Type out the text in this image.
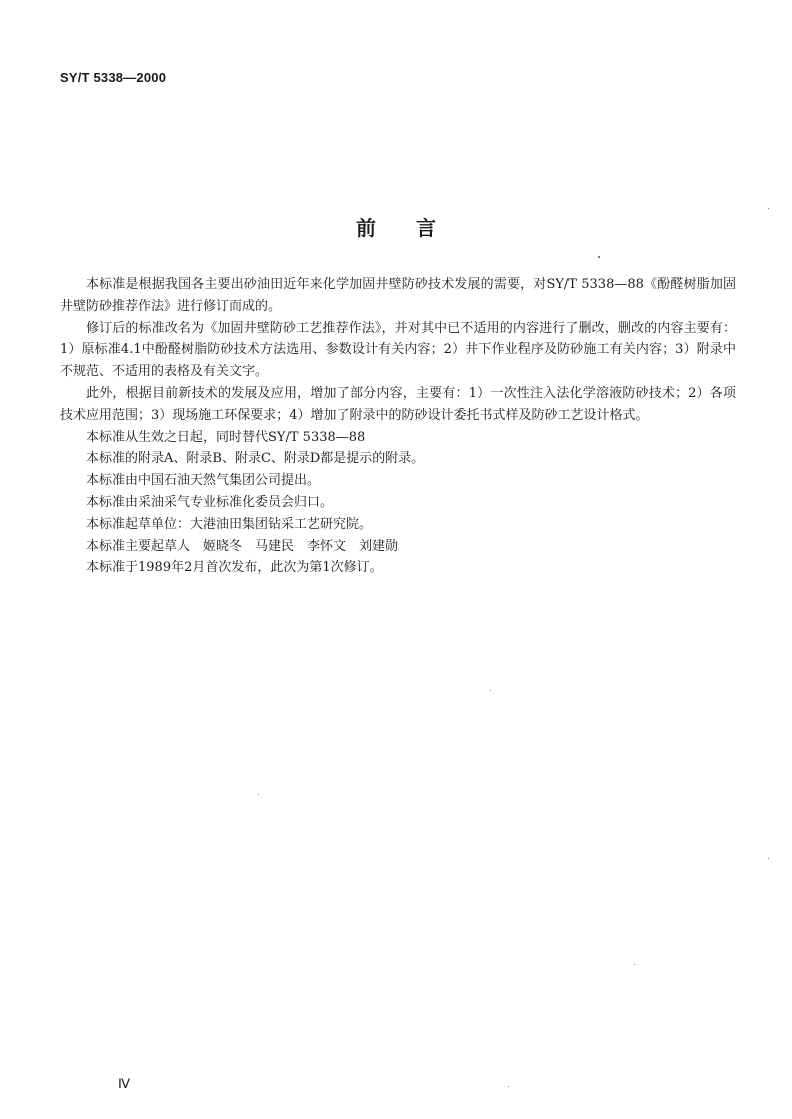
SY/T 5338—2000
前 言

本标准是根据我国各主要出砂油田近年来化学加固井壁防砂技术发展的需要，对SY/T 5338—88《酚醛树脂加固井壁防砂推荐作法》进行修订而成的。

修订后的标准改名为《加固井壁防砂工艺推荐作法》，并对其中已不适用的内容进行了删改，删改的内容主要有：1）原标准4.1中酚醛树脂防砂技术方法选用、参数设计有关内容；2）井下作业程序及防砂施工有关内容；3）附录中不规范、不适用的表格及有关文字。

此外，根据目前新技术的发展及应用，增加了部分内容，主要有：1）一次性注入法化学溶液防砂技术；2）各项技术应用范围；3）现场施工环保要求；4）增加了附录中的防砂设计委托书式样及防砂工艺设计格式。

本标准从生效之日起，同时替代SY/T 5338—88

本标准的附录A、附录B、附录C、附录D都是提示的附录。

本标准由中国石油天然气集团公司提出。

本标准由采油采气专业标准化委员会归口。

本标准起草单位：大港油田集团钻采工艺研究院。

本标准主要起草人　姬晓冬　马建民　李怀文　刘建勋

本标准于1989年2月首次发布，此次为第1次修订。

Ⅳ
